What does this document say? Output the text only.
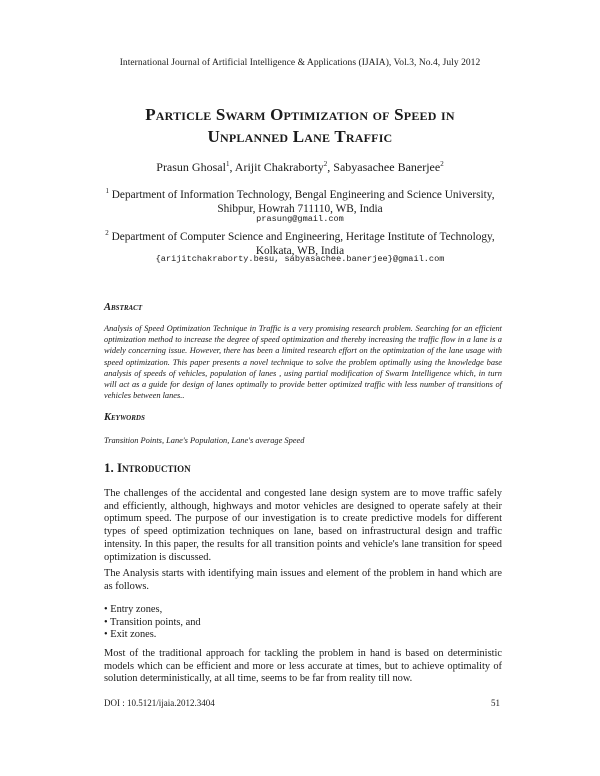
International Journal of Artificial Intelligence & Applications (IJAIA), Vol.3, No.4, July 2012
Particle Swarm Optimization of Speed in
Unplanned Lane Traffic
Prasun Ghosal$^1$, Arijit Chakraborty$^2$, Sabyasachee Banerjee$^2$
$^1$ Department of Information Technology, Bengal Engineering and Science University,
Shibpur, Howrah 711110, WB, India
prasung@gmail.com
$^2$ Department of Computer Science and Engineering, Heritage Institute of Technology,
Kolkata, WB, India
{arijitchakraborty.besu, sabyasachee.banerjee}@gmail.com
Abstract
Analysis of Speed Optimization Technique in Traffic is a very promising research problem. Searching for an efficient optimization method to increase the degree of speed optimization and thereby increasing the traffic flow in a lane is a widely concerning issue. However, there has been a limited research effort on the optimization of the lane usage with speed optimization. This paper presents a novel technique to solve the problem optimally using the knowledge base analysis of speeds of vehicles, population of lanes , using partial modification of Swarm Intelligence which, in turn will act as a guide for design of lanes optimally to provide better optimized traffic with less number of transitions of vehicles between lanes..
Keywords
Transition Points, Lane's Population, Lane's average Speed
1. Introduction
The challenges of the accidental and congested lane design system are to move traffic safely and efficiently, although, highways and motor vehicles are designed to operate safely at their optimum speed. The purpose of our investigation is to create predictive models for different types of speed optimization techniques on lane, based on infrastructural design and traffic intensity. In this paper, the results for all transition points and vehicle's lane transition for speed optimization is discussed.
The Analysis starts with identifying main issues and element of the problem in hand which are as follows.
• Entry zones,
• Transition points, and
• Exit zones.
Most of the traditional approach for tackling the problem in hand is based on deterministic models which can be efficient and more or less accurate at times, but to achieve optimality of solution deterministically, at all time, seems to be far from reality till now.
DOI : 10.5121/ijaia.2012.3404	51
